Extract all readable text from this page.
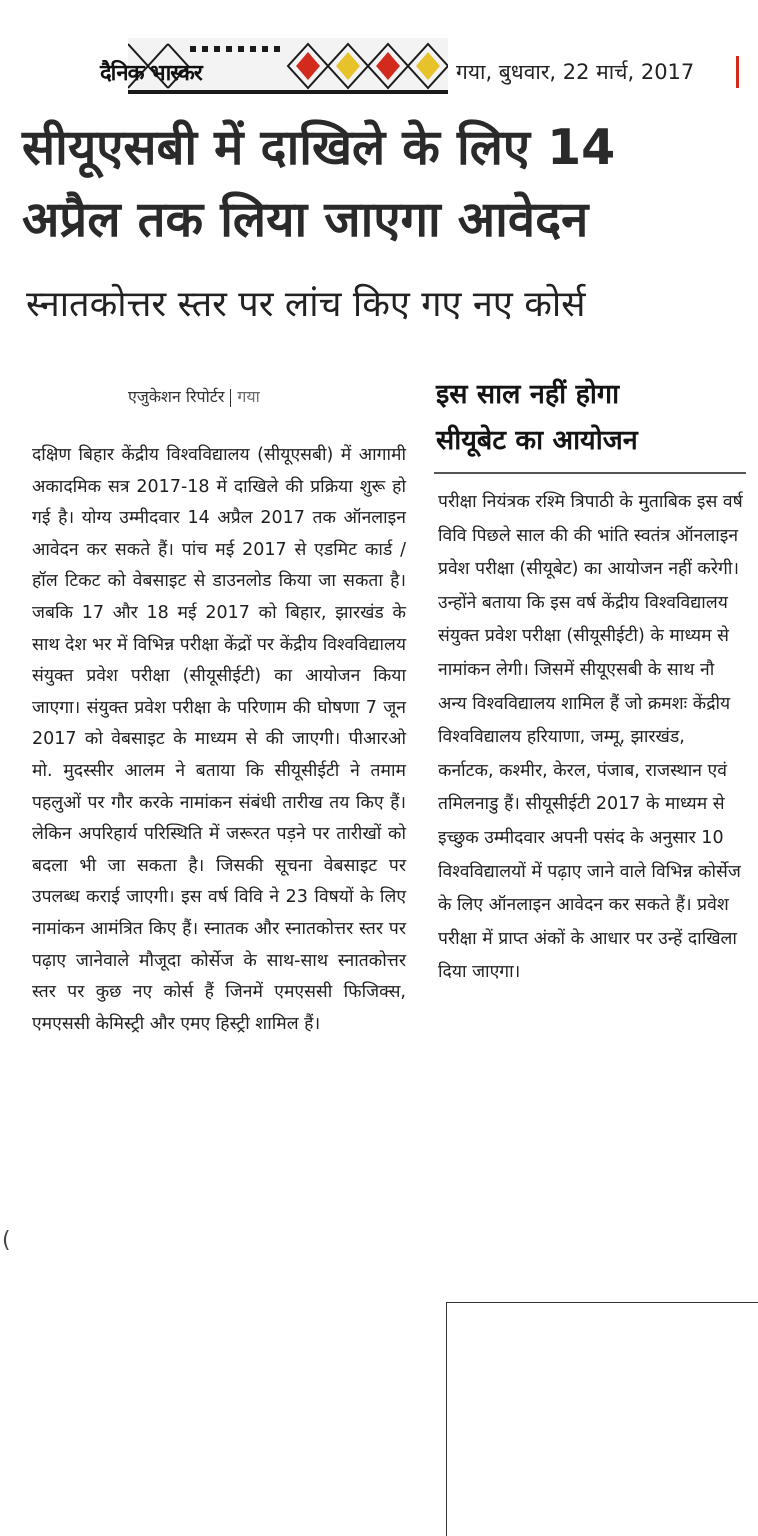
दैनिक भास्कर	गया, बुधवार, 22 मार्च, 2017
सीयूएसबी में दाखिले के लिए 14
अप्रैल तक लिया जाएगा आवेदन
स्नातकोत्तर स्तर पर लांच किए गए नए कोर्स
एजुकेशन रिपोर्टर गया

दक्षिण बिहार केंद्रीय विश्वविद्यालय (सीयूएसबी) में आगामी अकादमिक सत्र 2017-18 में दाखिले की प्रक्रिया शुरू हो गई है। योग्य उम्मीदवार 14 अप्रैल 2017 तक ऑनलाइन आवेदन कर सकते हैं। पांच मई 2017 से एडमिट कार्ड / हॉल टिकट को वेबसाइट से डाउनलोड किया जा सकता है। जबकि 17 और 18 मई 2017 को बिहार, झारखंड के साथ देश भर में विभिन्न परीक्षा केंद्रों पर केंद्रीय विश्वविद्यालय संयुक्त प्रवेश परीक्षा (सीयूसीईटी) का आयोजन किया जाएगा। संयुक्त प्रवेश परीक्षा के परिणाम की घोषणा 7 जून 2017 को वेबसाइट के माध्यम से की जाएगी। पीआरओ मो. मुदस्सीर आलम ने बताया कि सीयूसीईटी ने तमाम पहलुओं पर गौर करके नामांकन संबंधी तारीख तय किए हैं। लेकिन अपरिहार्य परिस्थिति में जरूरत पड़ने पर तारीखों को बदला भी जा सकता है। जिसकी सूचना वेबसाइट पर उपलब्ध कराई जाएगी। इस वर्ष विवि ने 23 विषयों के लिए नामांकन आमंत्रित किए हैं। स्नातक और स्नातकोत्तर स्तर पर पढ़ाए जानेवाले मौजूदा कोर्सेज के साथ-साथ स्नातकोत्तर स्तर पर कुछ नए कोर्स हैं जिनमें एमएससी फिजिक्स, एमएससी केमिस्ट्री और एमए हिस्ट्री शामिल हैं।

इस साल नहीं होगा
सीयूबेट का आयोजन

परीक्षा नियंत्रक रश्मि त्रिपाठी के मुताबिक इस वर्ष विवि पिछले साल की की भांति स्वतंत्र ऑनलाइन प्रवेश परीक्षा (सीयूबेट) का आयोजन नहीं करेगी। उन्होंने बताया कि इस वर्ष केंद्रीय विश्वविद्यालय संयुक्त प्रवेश परीक्षा (सीयूसीईटी) के माध्यम से नामांकन लेगी। जिसमें सीयूएसबी के साथ नौ अन्य विश्वविद्यालय शामिल हैं जो क्रमशः केंद्रीय विश्वविद्यालय हरियाणा, जम्मू, झारखंड, कर्नाटक, कश्मीर, केरल, पंजाब, राजस्थान एवं तमिलनाडु हैं। सीयूसीईटी 2017 के माध्यम से इच्छुक उम्मीदवार अपनी पसंद के अनुसार 10 विश्वविद्यालयों में पढ़ाए जाने वाले विभिन्न कोर्सेज के लिए ऑनलाइन आवेदन कर सकते हैं। प्रवेश परीक्षा में प्राप्त अंकों के आधार पर उन्हें दाखिला दिया जाएगा।

(
